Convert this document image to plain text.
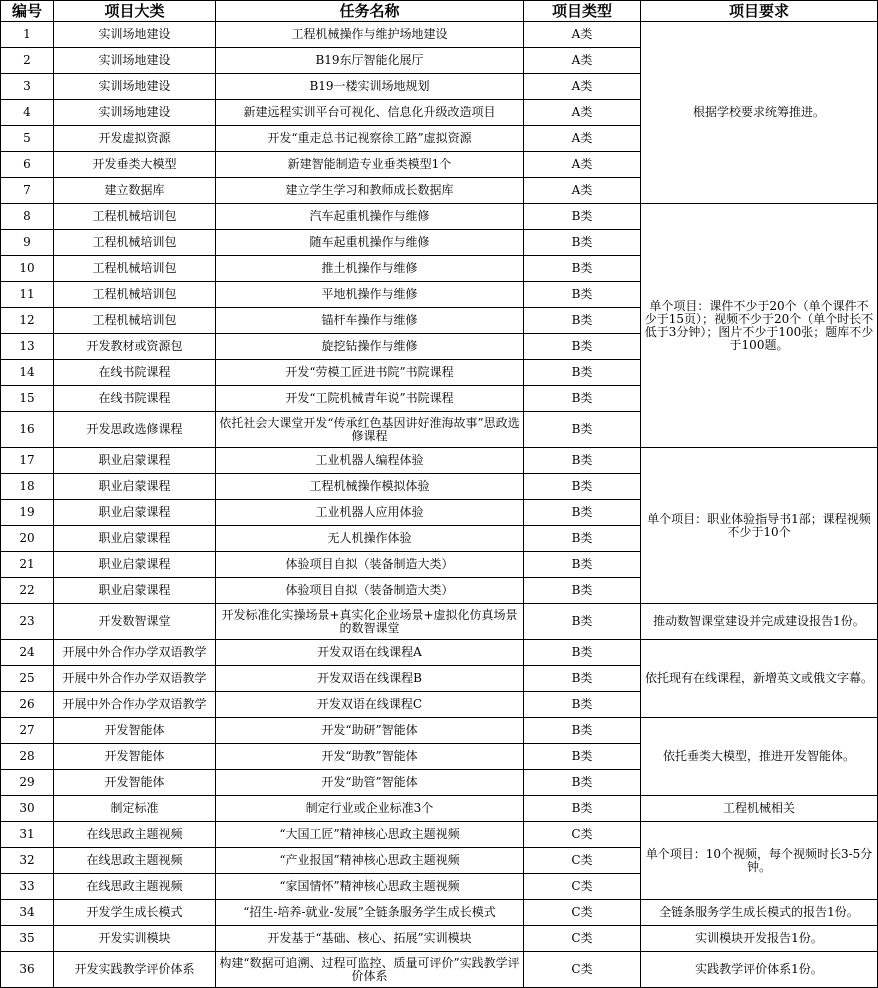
编号	项目大类	任务名称	项目类型	项目要求
1	实训场地建设	工程机械操作与维护场地建设	A类	根据学校要求统筹推进。
2	实训场地建设	B19东厅智能化展厅	A类	
3	实训场地建设	B19一楼实训场地规划	A类	
4	实训场地建设	新建远程实训平台可视化、信息化升级改造项目	A类	
5	开发虚拟资源	开发“重走总书记视察徐工路”虚拟资源	A类	
6	开发垂类大模型	新建智能制造专业垂类模型1个	A类	
7	建立数据库	建立学生学习和教师成长数据库	A类	
8	工程机械培训包	汽车起重机操作与维修	B类	单个项目：课件不少于20个（单个课件不少于15页）；视频不少于20个（单个时长不低于3分钟）；图片不少于100张；题库不少于100题。
9	工程机械培训包	随车起重机操作与维修	B类	
10	工程机械培训包	推土机操作与维修	B类	
11	工程机械培训包	平地机操作与维修	B类	
12	工程机械培训包	锚杆车操作与维修	B类	
13	开发教材或资源包	旋挖钻操作与维修	B类	
14	在线书院课程	开发“劳模工匠进书院”书院课程	B类	
15	在线书院课程	开发“工院机械青年说”书院课程	B类	
16	开发思政选修课程	依托社会大课堂开发“传承红色基因讲好淮海故事”思政选修课程	B类	
17	职业启蒙课程	工业机器人编程体验	B类	单个项目：职业体验指导书1部；课程视频不少于10个
18	职业启蒙课程	工程机械操作模拟体验	B类	
19	职业启蒙课程	工业机器人应用体验	B类	
20	职业启蒙课程	无人机操作体验	B类	
21	职业启蒙课程	体验项目自拟（装备制造大类）	B类	
22	职业启蒙课程	体验项目自拟（装备制造大类）	B类	
23	开发数智课堂	开发标准化实操场景+真实化企业场景+虚拟化仿真场景的数智课堂	B类	推动数智课堂建设并完成建设报告1份。
24	开展中外合作办学双语教学	开发双语在线课程A	B类	依托现有在线课程，新增英文或俄文字幕。
25	开展中外合作办学双语教学	开发双语在线课程B	B类	
26	开展中外合作办学双语教学	开发双语在线课程C	B类	
27	开发智能体	开发“助研”智能体	B类	依托垂类大模型，推进开发智能体。
28	开发智能体	开发“助教”智能体	B类	
29	开发智能体	开发“助管”智能体	B类	
30	制定标准	制定行业或企业标准3个	B类	工程机械相关
31	在线思政主题视频	“大国工匠”精神核心思政主题视频	C类	单个项目：10个视频，每个视频时长3-5分钟。
32	在线思政主题视频	“产业报国”精神核心思政主题视频	C类	
33	在线思政主题视频	“家国情怀”精神核心思政主题视频	C类	
34	开发学生成长模式	“招生-培养-就业-发展”全链条服务学生成长模式	C类	全链条服务学生成长模式的报告1份。
35	开发实训模块	开发基于“基础、核心、拓展”实训模块	C类	实训模块开发报告1份。
36	开发实践教学评价体系	构建“数据可追溯、过程可监控、质量可评价”实践教学评价体系	C类	实践教学评价体系1份。
